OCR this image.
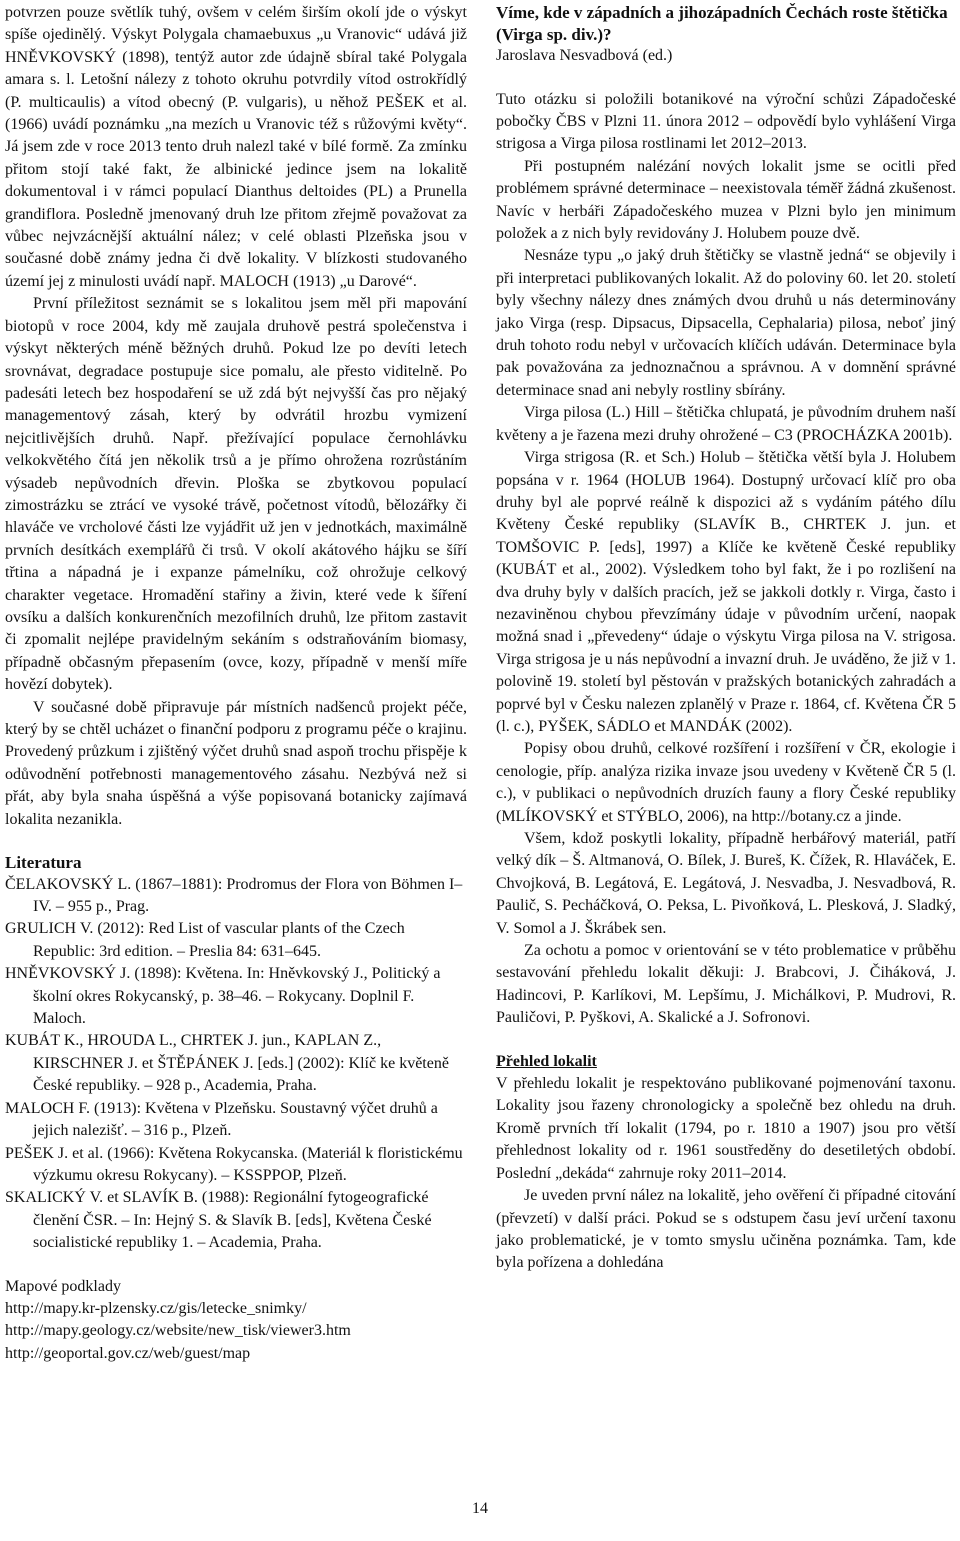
potvrzen pouze světlík tuhý, ovšem v celém širším okolí jde o výskyt spíše ojedinělý. Výskyt Polygala chamaebuxus „u Vranovic“ udává již HNĚVKOVSKÝ (1898), tentýž autor zde údajně sbíral také Polygala amara s. l. Letošní nálezy z tohoto okruhu potvrdily vítod ostrokřídlý (P. multicaulis) a vítod obecný (P. vulgaris), u něhož PEŠEK et al. (1966) uvádí poznámku „na mezích u Vranovic též s růžovými květy“. Já jsem zde v roce 2013 tento druh nalezl také v bílé formě. Za zmínku přitom stojí také fakt, že albinické jedince jsem na lokalitě dokumentoval i v rámci populací Dianthus deltoides (PL) a Prunella grandiflora. Posledně jmenovaný druh lze přitom zřejmě považovat za vůbec nejvzácnější aktuální nález; v celé oblasti Plzeňska jsou v současné době známy jedna či dvě lokality. V blízkosti studovaného území jej z minulosti uvádí např. MALOCH (1913) „u Darové“.

První příležitost seznámit se s lokalitou jsem měl při mapování biotopů v roce 2004, kdy mě zaujala druhově pestrá společenstva i výskyt některých méně běžných druhů. Pokud lze po devíti letech srovnávat, degradace postupuje sice pomalu, ale přesto viditelně. Po padesáti letech bez hospodaření se už zdá být nejvyšší čas pro nějaký managementový zásah, který by odvrátil hrozbu vymizení nejcitlivějších druhů. Např. přežívající populace černohlávku velkokvětého čítá jen několik trsů a je přímo ohrožena rozrůstáním výsadeb nepůvodních dřevin. Ploška se zbytkovou populací zimostrázku se ztrácí ve vysoké trávě, početnost vítodů, bělozářky či hlaváče ve vrcholové části lze vyjádřit už jen v jednotkách, maximálně prvních desítkách exemplářů či trsů. V okolí akátového hájku se šíří třtina a nápadná je i expanze pámelníku, což ohrožuje celkový charakter vegetace. Hromadění stařiny a živin, které vede k šíření ovsíku a dalších konkurenčních mezofilních druhů, lze přitom zastavit či zpomalit nejlépe pravidelným sekáním s odstraňováním biomasy, případně občasným přepasením (ovce, kozy, případně v menší míře hovězí dobytek).

V současné době připravuje pár místních nadšenců projekt péče, který by se chtěl ucházet o finanční podporu z programu péče o krajinu. Provedený průzkum i zjištěný výčet druhů snad aspoň trochu přispěje k odůvodnění potřebnosti managementového zásahu. Nezbývá než si přát, aby byla snaha úspěšná a výše popisovaná botanicky zajímavá lokalita nezanikla.

Literatura

ČELAKOVSKÝ L. (1867–1881): Prodromus der Flora von Böhmen I–IV. – 955 p., Prag.

GRULICH V. (2012): Red List of vascular plants of the Czech Republic: 3rd edition. – Preslia 84: 631–645.

HNĚVKOVSKÝ J. (1898): Květena. In: Hněvkovský J., Politický a školní okres Rokycanský, p. 38–46. – Rokycany. Doplnil F. Maloch.

KUBÁT K., HROUDA L., CHRTEK J. jun., KAPLAN Z., KIRSCHNER J. et ŠTĚPÁNEK J. [eds.] (2002): Klíč ke květeně České republiky. – 928 p., Academia, Praha.

MALOCH F. (1913): Květena v Plzeňsku. Soustavný výčet druhů a jejich nalezišť. – 316 p., Plzeň.

PEŠEK J. et al. (1966): Květena Rokycanska. (Materiál k floristickému výzkumu okresu Rokycany). – KSSPPOP, Plzeň.

SKALICKÝ V. et SLAVÍK B. (1988): Regionální fytogeografické členění ČSR. – In: Hejný S. & Slavík B. [eds], Květena České socialistické republiky 1. – Academia, Praha.

Mapové podklady

http://mapy.kr-plzensky.cz/gis/letecke_snimky/

http://mapy.geology.cz/website/new_tisk/viewer3.htm

http://geoportal.gov.cz/web/guest/map

Víme, kde v západních a jihozápadních Čechách roste štětička (Virga sp. div.)?

Jaroslava Nesvadbová (ed.)

Tuto otázku si položili botanikové na výroční schůzi Západočeské pobočky ČBS v Plzni 11. února 2012 – odpovědí bylo vyhlášení Virga strigosa a Virga pilosa rostlinami let 2012–2013.

Při postupném nalézání nových lokalit jsme se ocitli před problémem správné determinace – neexistovala téměř žádná zkušenost. Navíc v herbáři Západočeského muzea v Plzni bylo jen minimum položek a z nich byly revidovány J. Holubem pouze dvě.

Nesnáze typu „o jaký druh štětičky se vlastně jedná“ se objevily i při interpretaci publikovaných lokalit. Až do poloviny 60. let 20. století byly všechny nálezy dnes známých dvou druhů u nás determinovány jako Virga (resp. Dipsacus, Dipsacella, Cephalaria) pilosa, neboť jiný druh tohoto rodu nebyl v určovacích klíčích udáván. Determinace byla pak považována za jednoznačnou a správnou. A v domnění správné determinace snad ani nebyly rostliny sbírány.

Virga pilosa (L.) Hill – štětička chlupatá, je původním druhem naší květeny a je řazena mezi druhy ohrožené – C3 (PROCHÁZKA 2001b).

Virga strigosa (R. et Sch.) Holub – štětička větší byla J. Holubem popsána v r. 1964 (HOLUB 1964). Dostupný určovací klíč pro oba druhy byl ale poprvé reálně k dispozici až s vydáním pátého dílu Květeny České republiky (SLAVÍK B., CHRTEK J. jun. et TOMŠOVIC P. [eds], 1997) a Klíče ke květeně České republiky (KUBÁT et al., 2002). Výsledkem toho byl fakt, že i po rozlišení na dva druhy byly v dalších pracích, jež se jakkoli dotkly r. Virga, často i nezaviněnou chybou převzímány údaje v původním určení, naopak možná snad i „převedeny“ údaje o výskytu Virga pilosa na V. strigosa. Virga strigosa je u nás nepůvodní a invazní druh. Je uváděno, že již v 1. polovině 19. století byl pěstován v pražských botanických zahradách a poprvé byl v Česku nalezen zplanělý v Praze r. 1864, cf. Květena ČR 5 (l. c.), PYŠEK, SÁDLO et MANDÁK (2002).

Popisy obou druhů, celkové rozšíření i rozšíření v ČR, ekologie i cenologie, příp. analýza rizika invaze jsou uvedeny v Květeně ČR 5 (l. c.), v publikaci o nepůvodních druzích fauny a flory České republiky (MLÍKOVSKÝ et STÝBLO, 2006), na http://botany.cz a jinde.

Všem, kdož poskytli lokality, případně herbářový materiál, patří velký dík – Š. Altmanová, O. Bílek, J. Bureš, K. Čížek, R. Hlaváček, E. Chvojková, B. Legátová, E. Legátová, J. Nesvadba, J. Nesvadbová, R. Paulič, S. Pecháčková, O. Peksa, L. Pivoňková, L. Plesková, J. Sladký, V. Somol a J. Škrábek sen.

Za ochotu a pomoc v orientování se v této problematice v průběhu sestavování přehledu lokalit děkuji: J. Brabcovi, J. Čiháková, J. Hadincovi, P. Karlíkovi, M. Lepšímu, J. Michálkovi, P. Mudrovi, R. Pauličovi, P. Pyškovi, A. Skalické a J. Sofronovi.

Přehled lokalit

V přehledu lokalit je respektováno publikované pojmenování taxonu. Lokality jsou řazeny chronologicky a společně bez ohledu na druh. Kromě prvních tří lokalit (1794, po r. 1810 a 1907) jsou pro větší přehlednost lokality od r. 1961 soustředěny do desetiletých období. Poslední „dekáda“ zahrnuje roky 2011–2014.

Je uveden první nález na lokalitě, jeho ověření či případné citování (převzetí) v další práci. Pokud se s odstupem času jeví určení taxonu jako problematické, je v tomto smyslu učiněna poznámka. Tam, kde byla pořízena a dohledána

14
